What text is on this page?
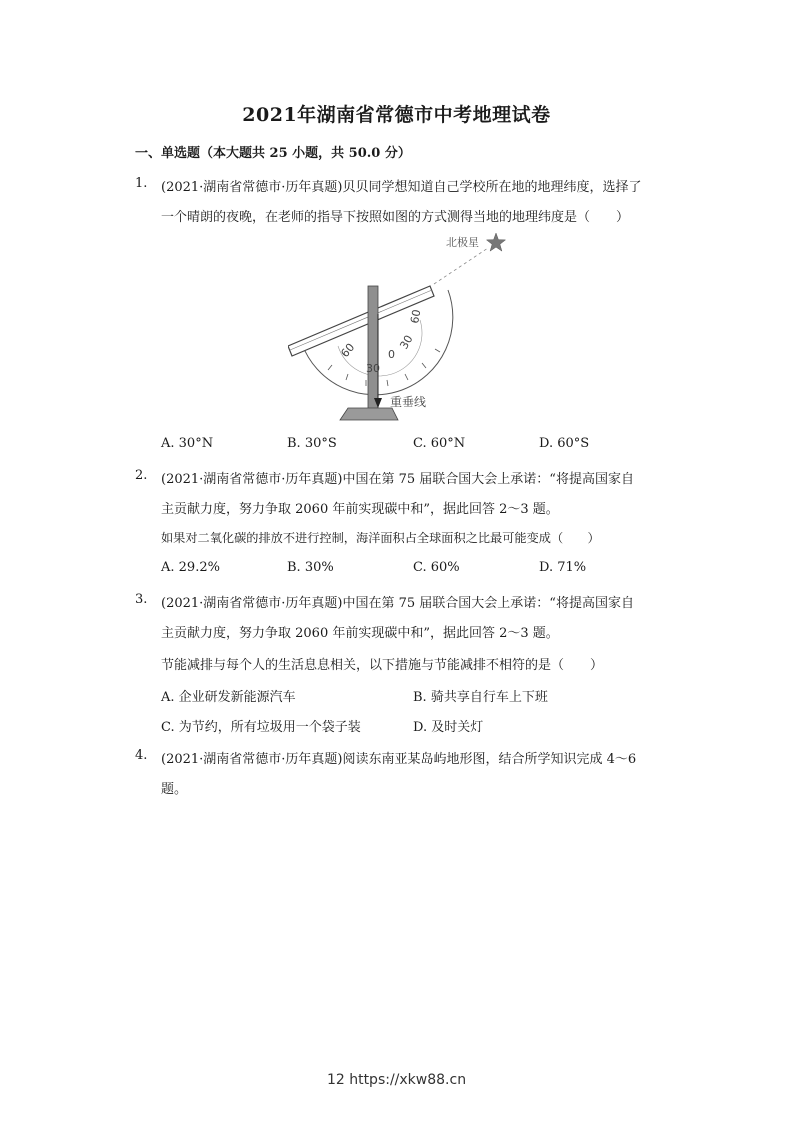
2021年湖南省常德市中考地理试卷
一、单选题（本大题共 25 小题，共 50.0 分）
1. (2021·湖南省常德市·历年真题)贝贝同学想知道自己学校所在地的地理纬度，选择了
一个晴朗的夜晚，在老师的指导下按照如图的方式测得当地的地理纬度是（　　）
北极星
重垂线
60
30
0
30
60
A. 30°N	B. 30°S	C. 60°N	D. 60°S
2. (2021·湖南省常德市·历年真题)中国在第 75 届联合国大会上承诺：“将提高国家自
主贡献力度，努力争取 2060 年前实现碳中和”，据此回答 2～3 题。
如果对二氧化碳的排放不进行控制，海洋面积占全球面积之比最可能变成（　　）
A. 29.2%	B. 30%	C. 60%	D. 71%
3. (2021·湖南省常德市·历年真题)中国在第 75 届联合国大会上承诺：“将提高国家自
主贡献力度，努力争取 2060 年前实现碳中和”，据此回答 2～3 题。
节能减排与每个人的生活息息相关，以下措施与节能减排不相符的是（　　）
A. 企业研发新能源汽车	B. 骑共享自行车上下班
C. 为节约，所有垃圾用一个袋子装	D. 及时关灯
4. (2021·湖南省常德市·历年真题)阅读东南亚某岛屿地形图，结合所学知识完成 4～6
题。
12 https://xkw88.cn
